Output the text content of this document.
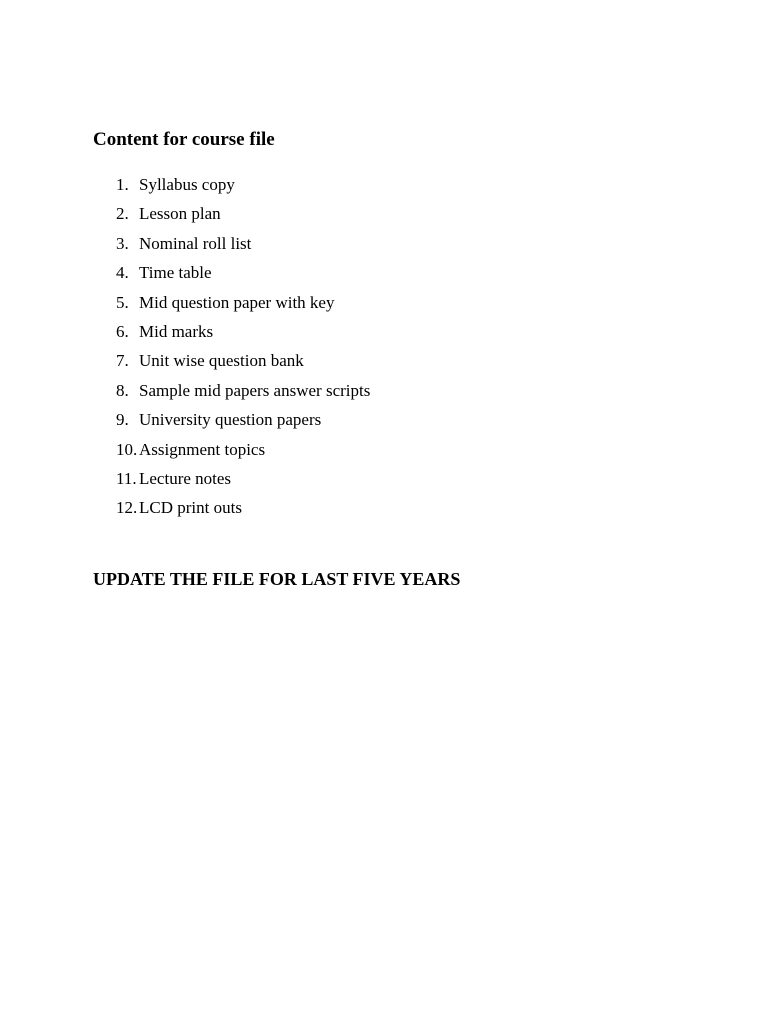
Content for course file
1. Syllabus copy
2. Lesson plan
3. Nominal roll list
4. Time table
5. Mid question paper with key
6. Mid marks
7. Unit wise question bank
8. Sample mid papers answer scripts
9. University question papers
10. Assignment topics
11. Lecture notes
12. LCD print outs
UPDATE THE FILE FOR LAST FIVE YEARS
